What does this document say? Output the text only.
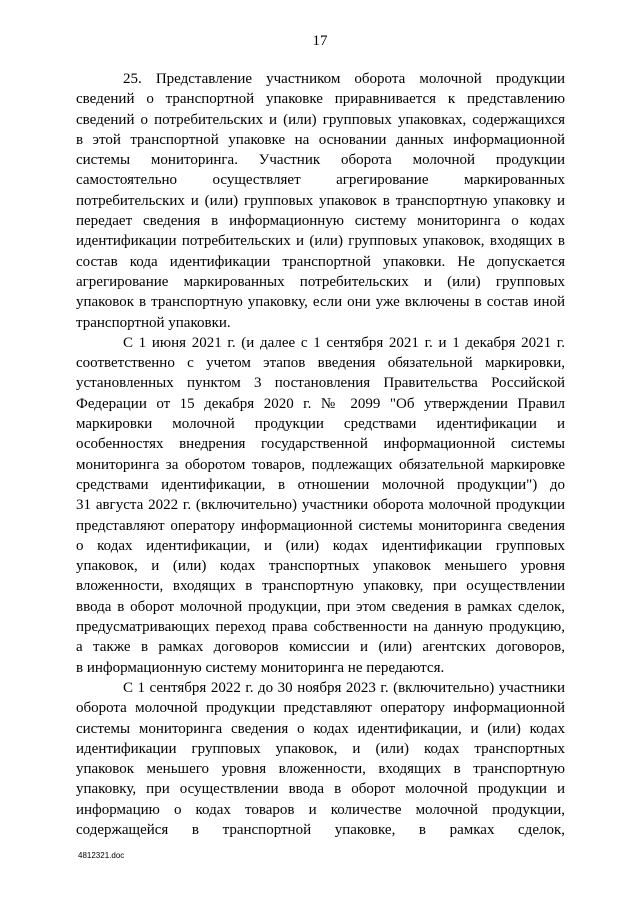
17
25. Представление участником оборота молочной продукции
сведений о транспортной упаковке приравнивается к представлению
сведений о потребительских и (или) групповых упаковках, содержащихся
в этой транспортной упаковке на основании данных информационной
системы мониторинга. Участник оборота молочной продукции
самостоятельно осуществляет агрегирование маркированных
потребительских и (или) групповых упаковок в транспортную упаковку и
передает сведения в информационную систему мониторинга о кодах
идентификации потребительских и (или) групповых упаковок, входящих в
состав кода идентификации транспортной упаковки. Не допускается
агрегирование маркированных потребительских и (или) групповых
упаковок в транспортную упаковку, если они уже включены в состав иной
транспортной упаковки.
С 1 июня 2021 г. (и далее с 1 сентября 2021 г. и 1 декабря 2021 г.
соответственно с учетом этапов введения обязательной маркировки,
установленных пунктом 3 постановления Правительства Российской
Федерации от 15 декабря 2020 г. № 2099 "Об утверждении Правил
маркировки молочной продукции средствами идентификации и
особенностях внедрения государственной информационной системы
мониторинга за оборотом товаров, подлежащих обязательной маркировке
средствами идентификации, в отношении молочной продукции") до
31 августа 2022 г. (включительно) участники оборота молочной продукции
представляют оператору информационной системы мониторинга сведения
о кодах идентификации, и (или) кодах идентификации групповых
упаковок, и (или) кодах транспортных упаковок меньшего уровня
вложенности, входящих в транспортную упаковку, при осуществлении
ввода в оборот молочной продукции, при этом сведения в рамках сделок,
предусматривающих переход права собственности на данную продукцию,
а также в рамках договоров комиссии и (или) агентских договоров,
в информационную систему мониторинга не передаются.
С 1 сентября 2022 г. до 30 ноября 2023 г. (включительно) участники
оборота молочной продукции представляют оператору информационной
системы мониторинга сведения о кодах идентификации, и (или) кодах
идентификации групповых упаковок, и (или) кодах транспортных
упаковок меньшего уровня вложенности, входящих в транспортную
упаковку, при осуществлении ввода в оборот молочной продукции и
информацию о кодах товаров и количестве молочной продукции,
содержащейся в транспортной упаковке, в рамках сделок,
4812321.doc
